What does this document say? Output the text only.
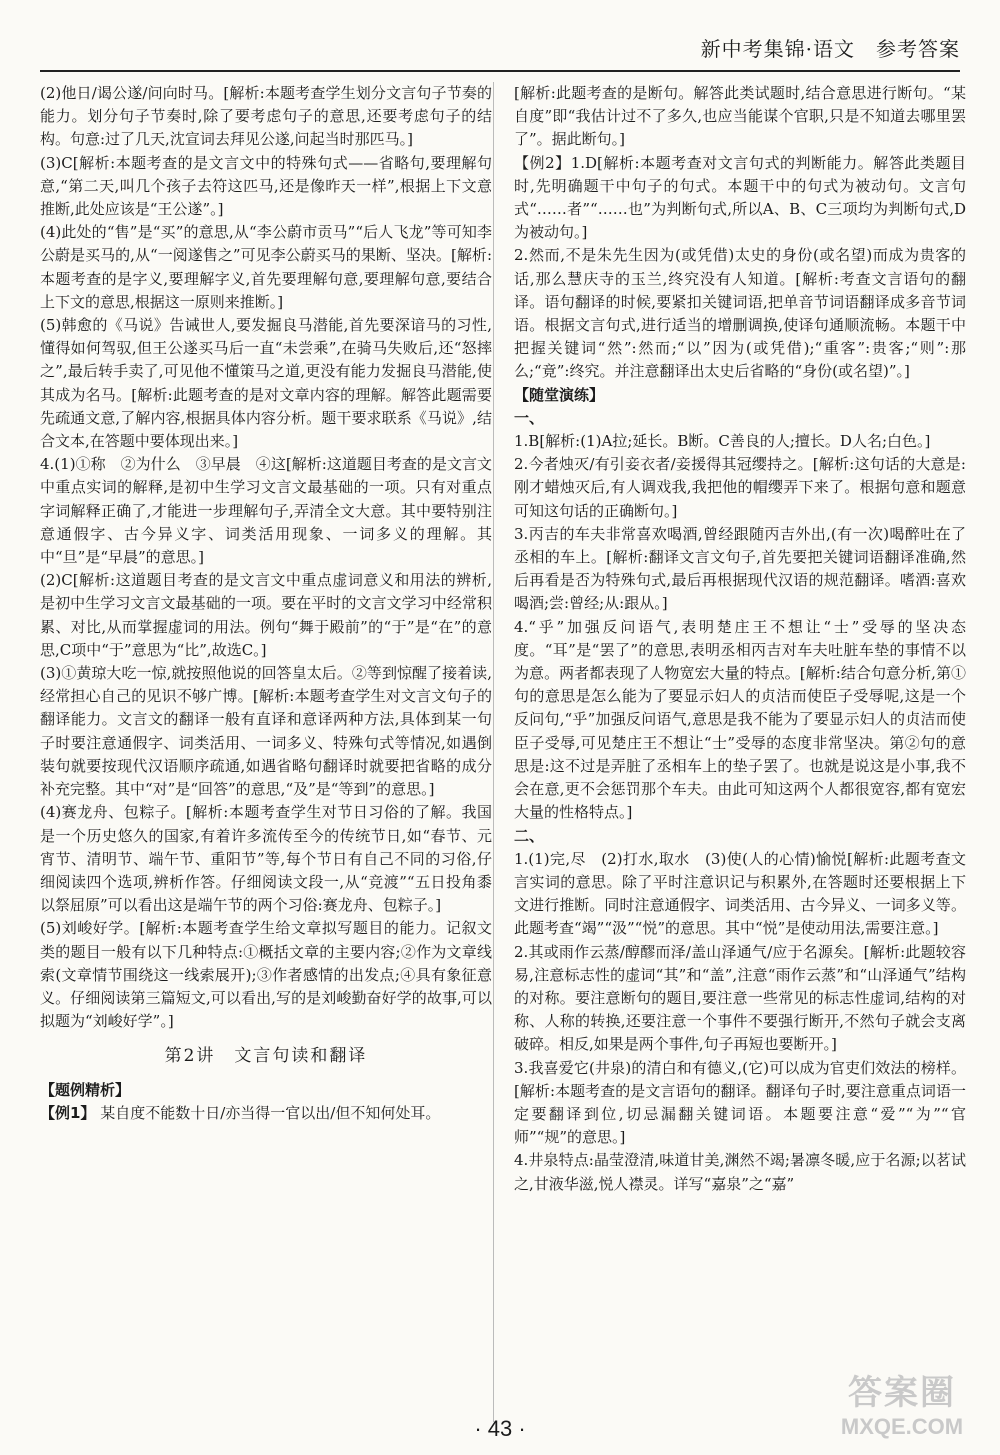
新中考集锦·语文　参考答案

(2)他日/谒公遂/问向时马。[解析:本题考查学生划分文言句子节奏的能力。划分句子节奏时,除了要考虑句子的意思,还要考虑句子的结构。句意:过了几天,沈宣词去拜见公遂,问起当时那匹马。]

(3)C[解析:本题考查的是文言文中的特殊句式——省略句,要理解句意,“第二天,叫几个孩子去符这匹马,还是像昨天一样”,根据上下文意推断,此处应该是“王公遂”。]

(4)此处的“售”是“买”的意思,从“李公蔚市贡马”“后人飞龙”等可知李公蔚是买马的,从“一阅遂售之”可见李公蔚买马的果断、坚决。[解析:本题考查的是字义,要理解字义,首先要理解句意,要理解句意,要结合上下文的意思,根据这一原则来推断。]

(5)韩愈的《马说》告诫世人,要发掘良马潜能,首先要深谙马的习性,懂得如何驾驭,但王公遂买马后一直“未尝乘”,在骑马失败后,还“怒摔之”,最后转手卖了,可见他不懂策马之道,更没有能力发掘良马潜能,使其成为名马。[解析:此题考查的是对文章内容的理解。解答此题需要先疏通文意,了解内容,根据具体内容分析。题干要求联系《马说》,结合文本,在答题中要体现出来。]

4.(1)①称　②为什么　③早晨　④这[解析:这道题目考查的是文言文中重点实词的解释,是初中生学习文言文最基础的一项。只有对重点字词解释正确了,才能进一步理解句子,弄清全文大意。其中要特别注意通假字、古今异义字、词类活用现象、一词多义的理解。其中“旦”是“早晨”的意思。]

(2)C[解析:这道题目考查的是文言文中重点虚词意义和用法的辨析,是初中生学习文言文最基础的一项。要在平时的文言文学习中经常积累、对比,从而掌握虚词的用法。例句“舞于殿前”的“于”是“在”的意思,C项中“于”意思为“比”,故选C。]

(3)①黄琼大吃一惊,就按照他说的回答皇太后。②等到惊醒了接着读,经常担心自己的见识不够广博。[解析:本题考查学生对文言文句子的翻译能力。文言文的翻译一般有直译和意译两种方法,具体到某一句子时要注意通假字、词类活用、一词多义、特殊句式等情况,如遇倒装句就要按现代汉语顺序疏通,如遇省略句翻译时就要把省略的成分补充完整。其中“对”是“回答”的意思,“及”是“等到”的意思。]

(4)赛龙舟、包粽子。[解析:本题考查学生对节日习俗的了解。我国是一个历史悠久的国家,有着许多流传至今的传统节日,如“春节、元宵节、清明节、端午节、重阳节”等,每个节日有自己不同的习俗,仔细阅读四个选项,辨析作答。仔细阅读文段一,从“竞渡”“五日投角黍以祭屈原”可以看出这是端午节的两个习俗:赛龙舟、包粽子。]

(5)刘峻好学。[解析:本题考查学生给文章拟写题目的能力。记叙文类的题目一般有以下几种特点:①概括文章的主要内容;②作为文章线索(文章情节围绕这一线索展开);③作者感情的出发点;④具有象征意义。仔细阅读第三篇短文,可以看出,写的是刘峻勤奋好学的故事,可以拟题为“刘峻好学”。]

第2讲　文言句读和翻译

【题例精析】

【例1】 某自度不能数十日/亦当得一官以出/但不知何处耳。

[解析:此题考查的是断句。解答此类试题时,结合意思进行断句。“某自度”即“我估计过不了多久,也应当能谋个官职,只是不知道去哪里罢了”。据此断句。]

【例2】1.D[解析:本题考查对文言句式的判断能力。解答此类题目时,先明确题干中句子的句式。本题干中的句式为被动句。文言句式“……者”“……也”为判断句式,所以A、B、C三项均为判断句式,D为被动句。]

2.然而,不是朱先生因为(或凭借)太史的身份(或名望)而成为贵客的话,那么慧庆寺的玉兰,终究没有人知道。[解析:考查文言语句的翻译。语句翻译的时候,要紧扣关键词语,把单音节词语翻译成多音节词语。根据文言句式,进行适当的增删调换,使译句通顺流畅。本题干中把握关键词“然”:然而;“以”因为(或凭借);“重客”:贵客;“则”:那么;“竟”:终究。并注意翻译出太史后省略的“身份(或名望)”。]

【随堂演练】

一、

1.B[解析:(1)A拉;延长。B断。C善良的人;擅长。D人名;白色。]

2.今者烛灭/有引妾衣者/妾援得其冠缨持之。[解析:这句话的大意是:刚才蜡烛灭后,有人调戏我,我把他的帽缨弄下来了。根据句意和题意可知这句话的正确断句。]

3.丙吉的车夫非常喜欢喝酒,曾经跟随丙吉外出,(有一次)喝醉吐在了丞相的车上。[解析:翻译文言文句子,首先要把关键词语翻译准确,然后再看是否为特殊句式,最后再根据现代汉语的规范翻译。嗜酒:喜欢喝酒;尝:曾经;从:跟从。]

4.“乎”加强反问语气,表明楚庄王不想让“士”受辱的坚决态度。“耳”是“罢了”的意思,表明丞相丙吉对车夫吐脏车垫的事情不以为意。两者都表现了人物宽宏大量的特点。[解析:结合句意分析,第①句的意思是怎么能为了要显示妇人的贞洁而使臣子受辱呢,这是一个反问句,“乎”加强反问语气,意思是我不能为了要显示妇人的贞洁而使臣子受辱,可见楚庄王不想让“士”受辱的态度非常坚决。第②句的意思是:这不过是弄脏了丞相车上的垫子罢了。也就是说这是小事,我不会在意,更不会惩罚那个车夫。由此可知这两个人都很宽容,都有宽宏大量的性格特点。]

二、

1.(1)完,尽　(2)打水,取水　(3)使(人的心情)愉悦[解析:此题考查文言实词的意思。除了平时注意识记与积累外,在答题时还要根据上下文进行推断。同时注意通假字、词类活用、古今异义、一词多义等。此题考查“竭”“汲”“悦”的意思。其中“悦”是使动用法,需要注意。]

2.其或雨作云蒸/醇醪而泽/盖山泽通气/应于名源矣。[解析:此题较容易,注意标志性的虚词“其”和“盖”,注意“雨作云蒸”和“山泽通气”结构的对称。要注意断句的题目,要注意一些常见的标志性虚词,结构的对称、人称的转换,还要注意一个事件不要强行断开,不然句子就会支离破碎。相反,如果是两个事件,句子再短也要断开。]

3.我喜爱它(井泉)的清白和有德义,(它)可以成为官吏们效法的榜样。[解析:本题考查的是文言语句的翻译。翻译句子时,要注意重点词语一定要翻译到位,切忌漏翻关键词语。本题要注意“爱”“为”“官师”“规”的意思。]

4.井泉特点:晶莹澄清,味道甘美,渊然不竭;暑凛冬暖,应于名源;以茗试之,甘液华滋,悦人襟灵。详写“嘉泉”之“嘉”

· 43 ·
答案圈
MXQE.COM
